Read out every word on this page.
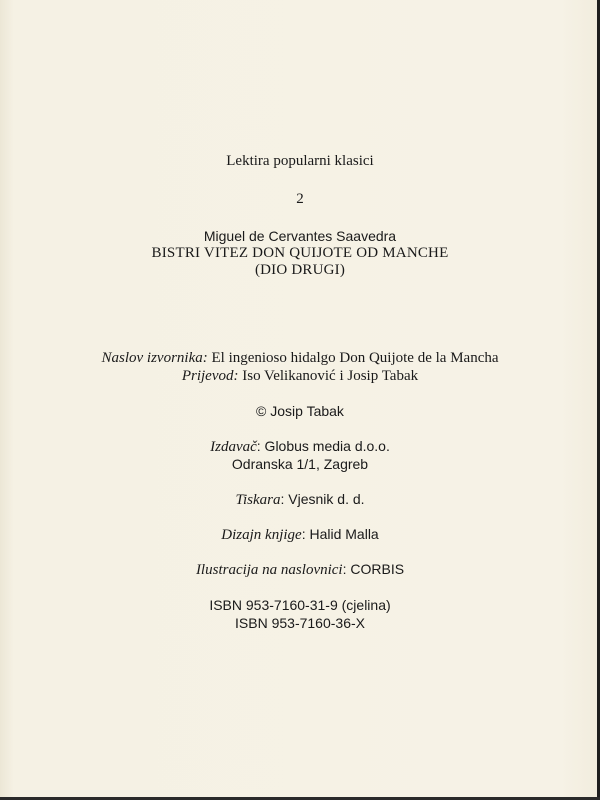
Lektira popularni klasici
2
Miguel de Cervantes Saavedra
BISTRI VITEZ DON QUIJOTE OD MANCHE
(DIO DRUGI)
Naslov izvornika: El ingenioso hidalgo Don Quijote de la Mancha
Prijevod: Iso Velikanović i Josip Tabak
© Josip Tabak
Izdavač: Globus media d.o.o.
Odranska 1/1, Zagreb
Tiskara: Vjesnik d. d.
Dizajn knjige: Halid Malla
Ilustracija na naslovnici: CORBIS
ISBN 953-7160-31-9 (cjelina)
ISBN 953-7160-36-X
